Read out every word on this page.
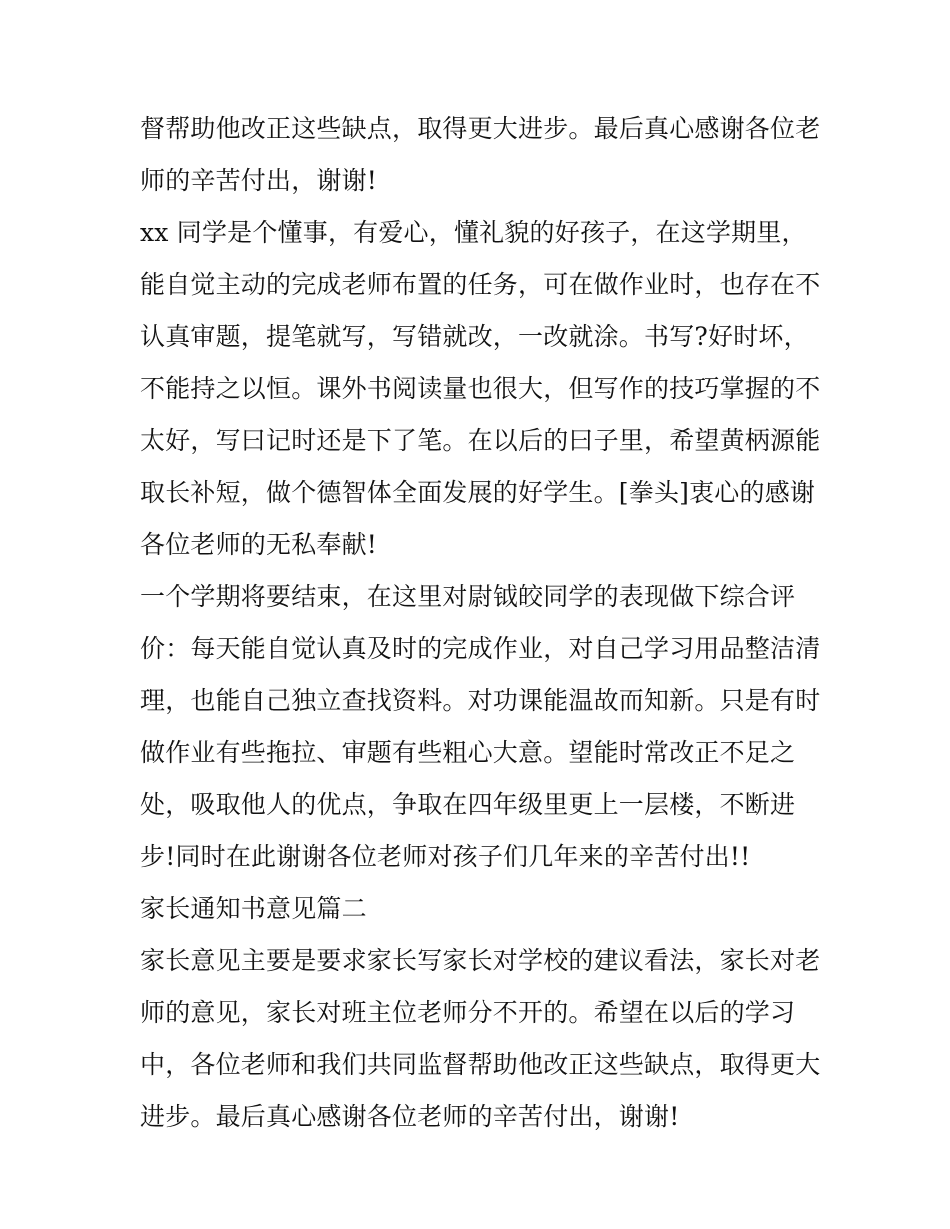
督帮助他改正这些缺点，取得更大进步。最后真心感谢各位老
师的辛苦付出，谢谢!
xx 同学是个懂事，有爱心，懂礼貌的好孩子，在这学期里，
能自觉主动的完成老师布置的任务，可在做作业时，也存在不
认真审题，提笔就写，写错就改，一改就涂。书写?好时坏，
不能持之以恒。课外书阅读量也很大，但写作的技巧掌握的不
太好，写曰记时还是下了笔。在以后的曰子里，希望黄柄源能
取长补短，做个德智体全面发展的好学生。[拳头]衷心的感谢
各位老师的无私奉献!
一个学期将要结束，在这里对尉钺皎同学的表现做下综合评
价：每天能自觉认真及时的完成作业，对自己学习用品整洁清
理，也能自己独立查找资料。对功课能温故而知新。只是有时
做作业有些拖拉、审题有些粗心大意。望能时常改正不足之
处，吸取他人的优点，争取在四年级里更上一层楼，不断进
步!同时在此谢谢各位老师对孩子们几年来的辛苦付出!!
家长通知书意见篇二
家长意见主要是要求家长写家长对学校的建议看法，家长对老
师的意见，家长对班主位老师分不开的。希望在以后的学习
中，各位老师和我们共同监督帮助他改正这些缺点，取得更大
进步。最后真心感谢各位老师的辛苦付出，谢谢!
